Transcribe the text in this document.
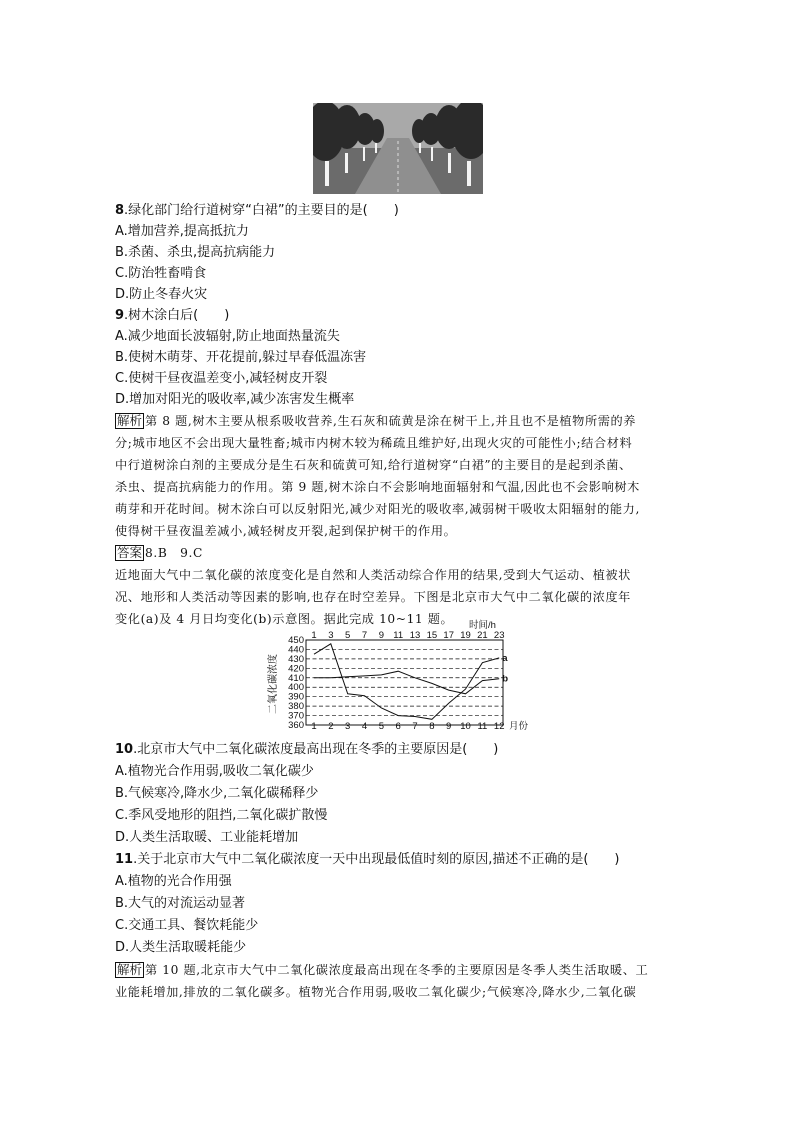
8.绿化部门给行道树穿“白裙”的主要目的是(　　)
A.增加营养,提高抵抗力
B.杀菌、杀虫,提高抗病能力
C.防治牲畜啃食
D.防止冬春火灾
9.树木涂白后(　　)
A.减少地面长波辐射,防止地面热量流失
B.使树木萌芽、开花提前,躲过早春低温冻害
C.使树干昼夜温差变小,减轻树皮开裂
D.增加对阳光的吸收率,减少冻害发生概率
解析 第 8 题,树木主要从根系吸收营养,生石灰和硫黄是涂在树干上,并且也不是植物所需的养
分;城市地区不会出现大量牲畜;城市内树木较为稀疏且维护好,出现火灾的可能性小;结合材料
中行道树涂白剂的主要成分是生石灰和硫黄可知,给行道树穿“白裙”的主要目的是起到杀菌、
杀虫、提高抗病能力的作用。第 9 题,树木涂白不会影响地面辐射和气温,因此也不会影响树木
萌芽和开花时间。树木涂白可以反射阳光,减少对阳光的吸收率,减弱树干吸收太阳辐射的能力,
使得树干昼夜温差减小,减轻树皮开裂,起到保护树干的作用。
答案 8.B　9.C
近地面大气中二氧化碳的浓度变化是自然和人类活动综合作用的结果,受到大气运动、植被状
况、地形和人类活动等因素的影响,也存在时空差异。下图是北京市大气中二氧化碳的浓度年
变化(a)及 4 月日均变化(b)示意图。据此完成 10~11 题。 时间/h
1 3 5 7 9 11 13 15 17 19 21 23
二氧化碳浓度
450
440
430
420
410
400
390
380
370
360 1 2 3 4 5 6 7 8 9 10 11 12 月份
a
b
10.北京市大气中二氧化碳浓度最高出现在冬季的主要原因是(　　)
A.植物光合作用弱,吸收二氧化碳少
B.气候寒冷,降水少,二氧化碳稀释少
C.季风受地形的阻挡,二氧化碳扩散慢
D.人类生活取暖、工业能耗增加
11.关于北京市大气中二氧化碳浓度一天中出现最低值时刻的原因,描述不正确的是(　　)
A.植物的光合作用强
B.大气的对流运动显著
C.交通工具、餐饮耗能少
D.人类生活取暖耗能少
解析 第 10 题,北京市大气中二氧化碳浓度最高出现在冬季的主要原因是冬季人类生活取暖、工
业能耗增加,排放的二氧化碳多。植物光合作用弱,吸收二氧化碳少;气候寒冷,降水少,二氧化碳
